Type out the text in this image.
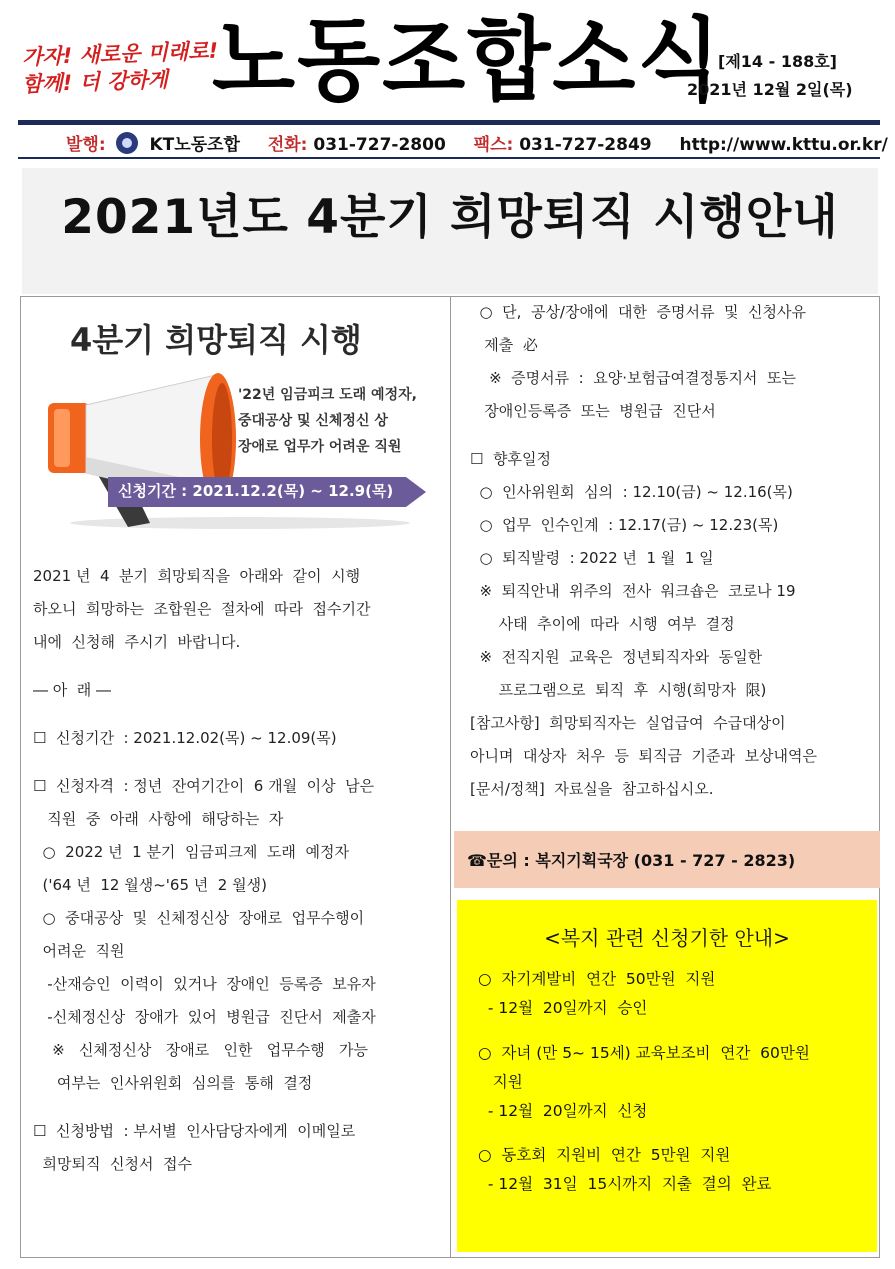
가자! 새로운 미래로!
함께! 더 강하게 노동조합소식
[제14 - 188호]
2021년 12월 2일(목)
발행:	KT노동조합 전화: 031-727-2800 팩스: 031-727-2849 http://www.kttu.or.kr/
2021년도 4분기 희망퇴직 시행안내
4분기 희망퇴직 시행
'22년 임금피크 도래 예정자,
중대공상 및 신체정신 상
장애로 업무가 어려운 직원
신청기간 : 2021.12.2(목) ~ 12.9(목)
2021 년  4  분기  희망퇴직을  아래와  같이  시행
하오니  희망하는  조합원은  절차에  따라  접수기간
내에  신청해  주시기  바랍니다.
― 아  래 ―
☐  신청기간  : 2021.12.02(목) ~ 12.09(목)
☐  신청자격  : 정년  잔여기간이  6 개월  이상  남은
직원  중  아래  사항에  해당하는  자
○  2022 년  1 분기  임금피크제  도래  예정자
('64 년  12 월생~'65 년  2 월생)
○  중대공상  및  신체정신상  장애로  업무수행이
어려운  직원
-산재승인  이력이  있거나  장애인  등록증  보유자
-신체정신상  장애가  있어  병원급  진단서  제출자
※   신체정신상   장애로   인한   업무수행   가능
여부는  인사위원회  심의를  통해  결정
☐  신청방법  : 부서별  인사담당자에게  이메일로
희망퇴직  신청서  접수
○  단,  공상/장애에  대한  증명서류  및  신청사유
제출  必
※  증명서류  :  요양·보험급여결정통지서  또는
장애인등록증  또는  병원급  진단서
☐  향후일정
○  인사위원회  심의  : 12.10(금) ~ 12.16(목)
○  업무  인수인계  : 12.17(금) ~ 12.23(목)
○  퇴직발령  : 2022 년  1 월  1 일
※  퇴직안내  위주의  전사  워크숍은  코로나 19
사태  추이에  따라  시행  여부  결정
※  전직지원  교육은  정년퇴직자와  동일한
프로그램으로  퇴직  후  시행(희망자  限)
[참고사항]  희망퇴직자는  실업급여  수급대상이
아니며  대상자  처우  등  퇴직금  기준과  보상내역은
[문서/정책]  자료실을  참고하십시오.
☎문의 : 복지기획국장 (031 - 727 - 2823)
<복지 관련 신청기한 안내>
○  자기계발비  연간  50만원  지원
- 12월  20일까지  승인
○  자녀 (만 5~ 15세) 교육보조비  연간  60만원
지원
- 12월  20일까지  신청
○  동호회  지원비  연간  5만원  지원
- 12월  31일  15시까지  지출  결의  완료
